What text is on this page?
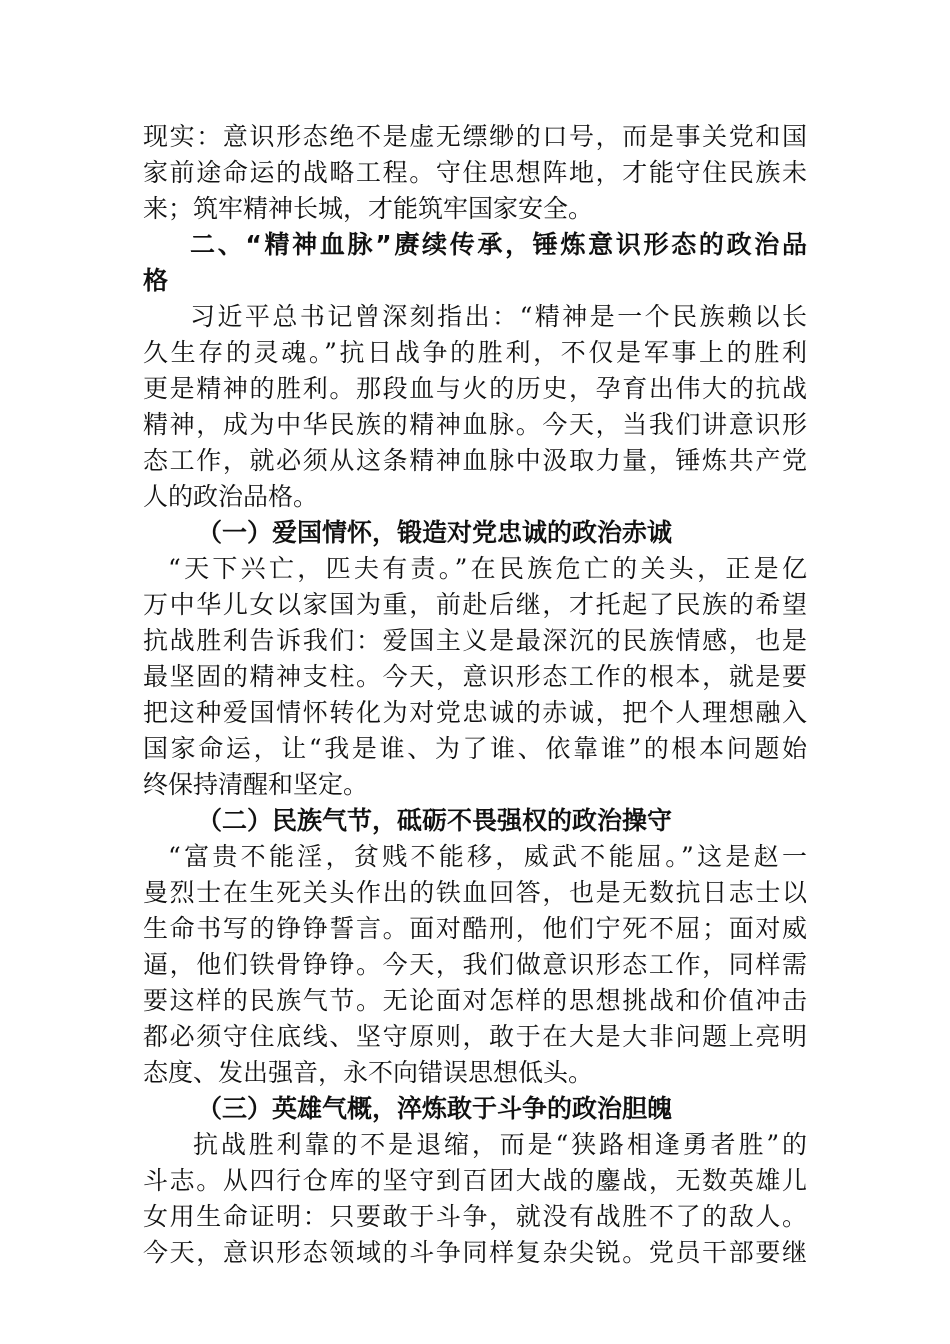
现实：意识形态绝不是虚无缥缈的口号，而是事关党和国
家前途命运的战略工程。守住思想阵地，才能守住民族未
来；筑牢精神长城，才能筑牢国家安全。
二、“精神血脉”赓续传承，锤炼意识形态的政治品
格
习近平总书记曾深刻指出：“精神是一个民族赖以长
久生存的灵魂。”抗日战争的胜利，不仅是军事上的胜利
更是精神的胜利。那段血与火的历史，孕育出伟大的抗战
精神，成为中华民族的精神血脉。今天，当我们讲意识形
态工作，就必须从这条精神血脉中汲取力量，锤炼共产党
人的政治品格。
（一）爱国情怀，锻造对党忠诚的政治赤诚
“天下兴亡，匹夫有责。”在民族危亡的关头，正是亿
万中华儿女以家国为重，前赴后继，才托起了民族的希望
抗战胜利告诉我们：爱国主义是最深沉的民族情感，也是
最坚固的精神支柱。今天，意识形态工作的根本，就是要
把这种爱国情怀转化为对党忠诚的赤诚，把个人理想融入
国家命运，让“我是谁、为了谁、依靠谁”的根本问题始
终保持清醒和坚定。
（二）民族气节，砥砺不畏强权的政治操守
“富贵不能淫，贫贱不能移，威武不能屈。”这是赵一
曼烈士在生死关头作出的铁血回答，也是无数抗日志士以
生命书写的铮铮誓言。面对酷刑，他们宁死不屈；面对威
逼，他们铁骨铮铮。今天，我们做意识形态工作，同样需
要这样的民族气节。无论面对怎样的思想挑战和价值冲击
都必须守住底线、坚守原则，敢于在大是大非问题上亮明
态度、发出强音，永不向错误思想低头。
（三）英雄气概，淬炼敢于斗争的政治胆魄
抗战胜利靠的不是退缩，而是“狭路相逢勇者胜”的
斗志。从四行仓库的坚守到百团大战的鏖战，无数英雄儿
女用生命证明：只要敢于斗争，就没有战胜不了的敌人。
今天，意识形态领域的斗争同样复杂尖锐。党员干部要继
